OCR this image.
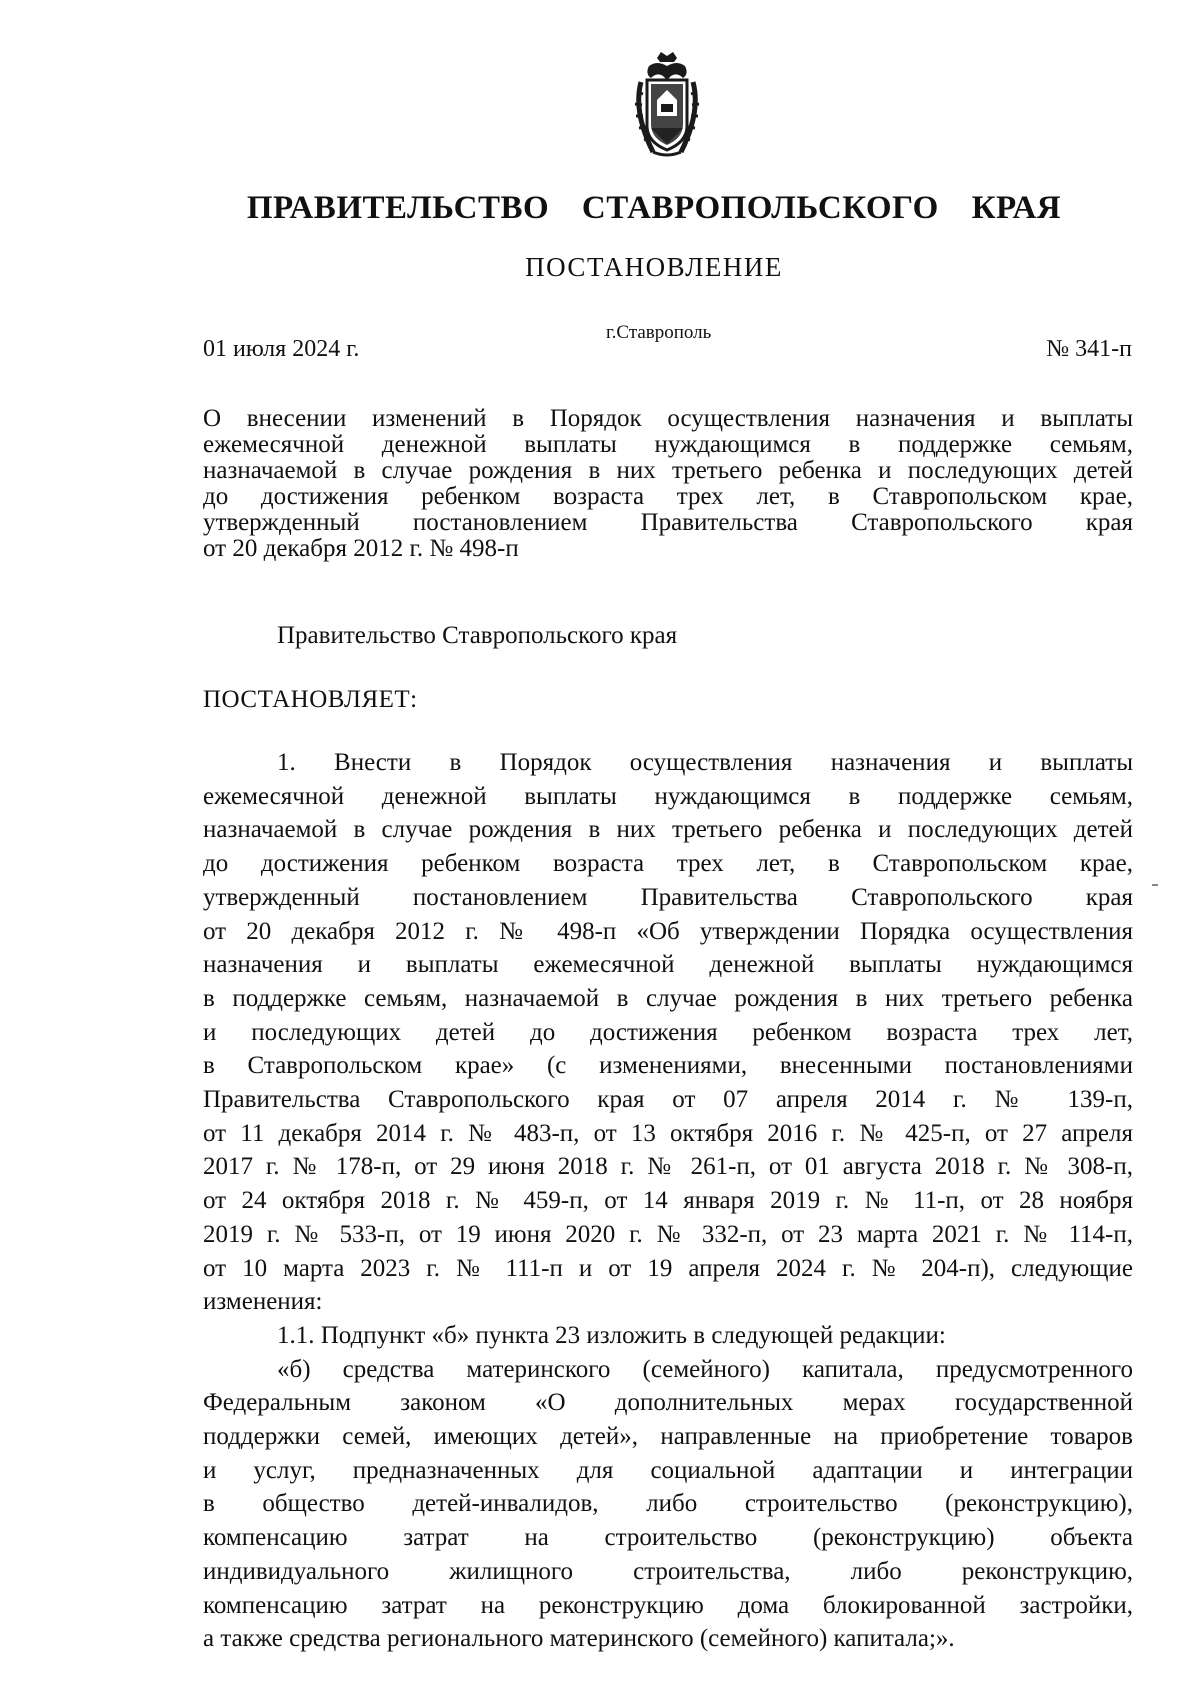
ПРАВИТЕЛЬСТВО СТАВРОПОЛЬСКОГО КРАЯ
ПОСТАНОВЛЕНИЕ
01 июля 2024 г.
г.Ставрополь
№ 341-п
О внесении изменений в Порядок осуществления назначения и выплаты
ежемесячной денежной выплаты нуждающимся в поддержке семьям,
назначаемой в случае рождения в них третьего ребенка и последующих детей
до достижения ребенком возраста трех лет, в Ставропольском крае,
утвержденный постановлением Правительства Ставропольского края
от 20 декабря 2012 г. № 498-п
Правительство Ставропольского края
ПОСТАНОВЛЯЕТ:
1. Внести в Порядок осуществления назначения и выплаты
ежемесячной денежной выплаты нуждающимся в поддержке семьям,
назначаемой в случае рождения в них третьего ребенка и последующих детей
до достижения ребенком возраста трех лет, в Ставропольском крае,
утвержденный постановлением Правительства Ставропольского края
от 20 декабря 2012 г. № 498-п «Об утверждении Порядка осуществления
назначения и выплаты ежемесячной денежной выплаты нуждающимся
в поддержке семьям, назначаемой в случае рождения в них третьего ребенка
и последующих детей до достижения ребенком возраста трех лет,
в Ставропольском крае» (с изменениями, внесенными постановлениями
Правительства Ставропольского края от 07 апреля 2014 г. № 139-п,
от 11 декабря 2014 г. № 483-п, от 13 октября 2016 г. № 425-п, от 27 апреля
2017 г. № 178-п, от 29 июня 2018 г. № 261-п, от 01 августа 2018 г. № 308-п,
от 24 октября 2018 г. № 459-п, от 14 января 2019 г. № 11-п, от 28 ноября
2019 г. № 533-п, от 19 июня 2020 г. № 332-п, от 23 марта 2021 г. № 114-п,
от 10 марта 2023 г. № 111-п и от 19 апреля 2024 г. № 204-п), следующие
изменения:
1.1. Подпункт «б» пункта 23 изложить в следующей редакции:
«б) средства материнского (семейного) капитала, предусмотренного
Федеральным законом «О дополнительных мерах государственной
поддержки семей, имеющих детей», направленные на приобретение товаров
и услуг, предназначенных для социальной адаптации и интеграции
в общество детей-инвалидов, либо строительство (реконструкцию),
компенсацию затрат на строительство (реконструкцию) объекта
индивидуального жилищного строительства, либо реконструкцию,
компенсацию затрат на реконструкцию дома блокированной застройки,
а также средства регионального материнского (семейного) капитала;».
